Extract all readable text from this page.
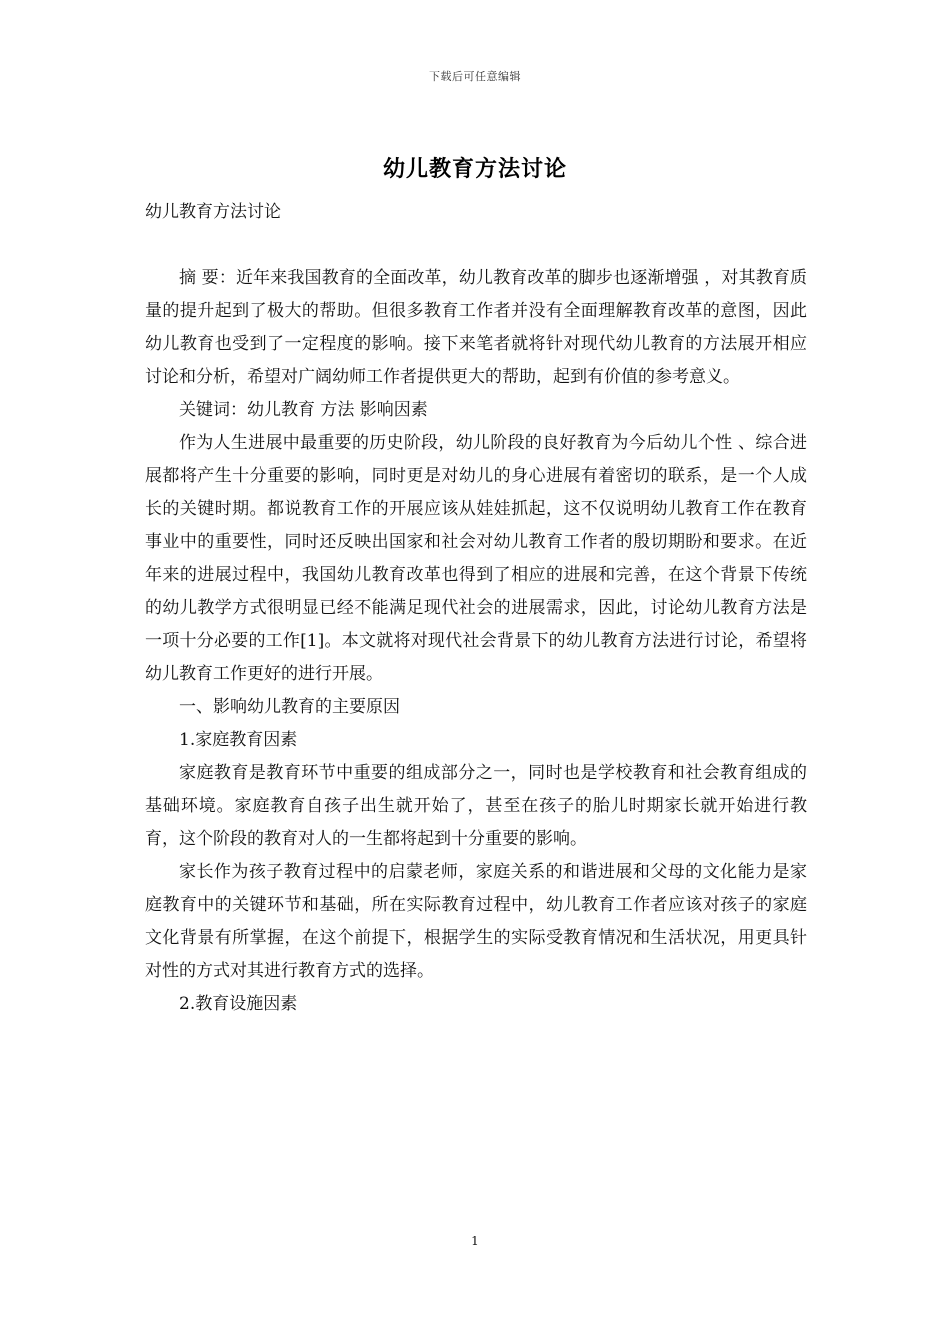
下载后可任意编辑
幼儿教育方法讨论

幼儿教育方法讨论

摘 要：近年来我国教育的全面改革，幼儿教育改革的脚步也逐渐增强 ，对其教育质量的提升起到了极大的帮助。但很多教育工作者并没有全面理解教育改革的意图，因此幼儿教育也受到了一定程度的影响。接下来笔者就将针对现代幼儿教育的方法展开相应讨论和分析，希望对广阔幼师工作者提供更大的帮助，起到有价值的参考意义。

关键词：幼儿教育 方法 影响因素

作为人生进展中最重要的历史阶段，幼儿阶段的良好教育为今后幼儿个性 、综合进展都将产生十分重要的影响，同时更是对幼儿的身心进展有着密切的联系，是一个人成长的关键时期。都说教育工作的开展应该从娃娃抓起，这不仅说明幼儿教育工作在教育事业中的重要性，同时还反映出国家和社会对幼儿教育工作者的殷切期盼和要求。在近年来的进展过程中，我国幼儿教育改革也得到了相应的进展和完善，在这个背景下传统的幼儿教学方式很明显已经不能满足现代社会的进展需求，因此，讨论幼儿教育方法是一项十分必要的工作[1]。本文就将对现代社会背景下的幼儿教育方法进行讨论，希望将幼儿教育工作更好的进行开展。

一、影响幼儿教育的主要原因

1.家庭教育因素

家庭教育是教育环节中重要的组成部分之一，同时也是学校教育和社会教育组成的基础环境。家庭教育自孩子出生就开始了，甚至在孩子的胎儿时期家长就开始进行教育，这个阶段的教育对人的一生都将起到十分重要的影响。

家长作为孩子教育过程中的启蒙老师，家庭关系的和谐进展和父母的文化能力是家庭教育中的关键环节和基础，所在实际教育过程中，幼儿教育工作者应该对孩子的家庭文化背景有所掌握，在这个前提下，根据学生的实际受教育情况和生活状况，用更具针对性的方式对其进行教育方式的选择。

2.教育设施因素

1
